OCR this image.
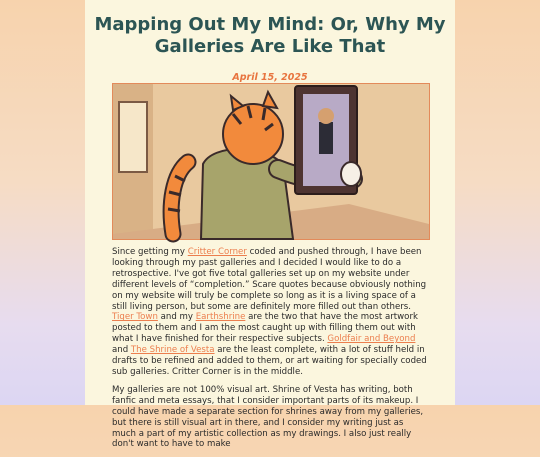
Mapping Out My Mind: Or, Why My Galleries Are Like That
April 15, 2025

Since getting my Critter Corner coded and pushed through, I have been looking through my past galleries and I decided I would like to do a retrospective. I've got five total galleries set up on my website under different levels of “completion.” Scare quotes because obviously nothing on my website will truly be complete so long as it is a living space of a still living person, but some are definitely more filled out than others. Tiger Town and my Earthshrine are the two that have the most artwork posted to them and I am the most caught up with filling them out with what I have finished for their respective subjects. Goldfair and Beyond and The Shrine of Vesta are the least complete, with a lot of stuff held in drafts to be refined and added to them, or art waiting for specially coded sub galleries. Critter Corner is in the middle.

My galleries are not 100% visual art. Shrine of Vesta has writing, both fanfic and meta essays, that I consider important parts of its makeup. I could have made a separate section for shrines away from my galleries, but there is still visual art in there, and I consider my writing just as much a part of my artistic collection as my drawings. I also just really don't want to have to make
